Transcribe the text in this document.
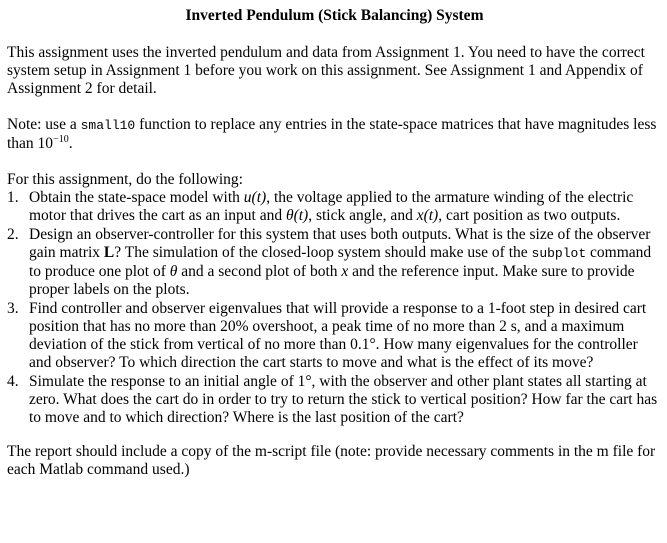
Inverted Pendulum (Stick Balancing) System

This assignment uses the inverted pendulum and data from Assignment 1. You need to have the correct system setup in Assignment 1 before you work on this assignment. See Assignment 1 and Appendix of Assignment 2 for detail.

Note: use a small10 function to replace any entries in the state-space matrices that have magnitudes less than $10^{-10}$.

For this assignment, do the following:

1. Obtain the state-space model with u(t), the voltage applied to the armature winding of the electric motor that drives the cart as an input and θ(t), stick angle, and x(t), cart position as two outputs.
2. Design an observer-controller for this system that uses both outputs. What is the size of the observer gain matrix L? The simulation of the closed-loop system should make use of the subplot command to produce one plot of θ and a second plot of both x and the reference input. Make sure to provide proper labels on the plots.
3. Find controller and observer eigenvalues that will provide a response to a 1-foot step in desired cart position that has no more than 20% overshoot, a peak time of no more than 2 s, and a maximum deviation of the stick from vertical of no more than 0.1°. How many eigenvalues for the controller and observer? To which direction the cart starts to move and what is the effect of its move?
4. Simulate the response to an initial angle of 1°, with the observer and other plant states all starting at zero. What does the cart do in order to try to return the stick to vertical position? How far the cart has to move and to which direction? Where is the last position of the cart?

The report should include a copy of the m-script file (note: provide necessary comments in the m file for each Matlab command used.)
